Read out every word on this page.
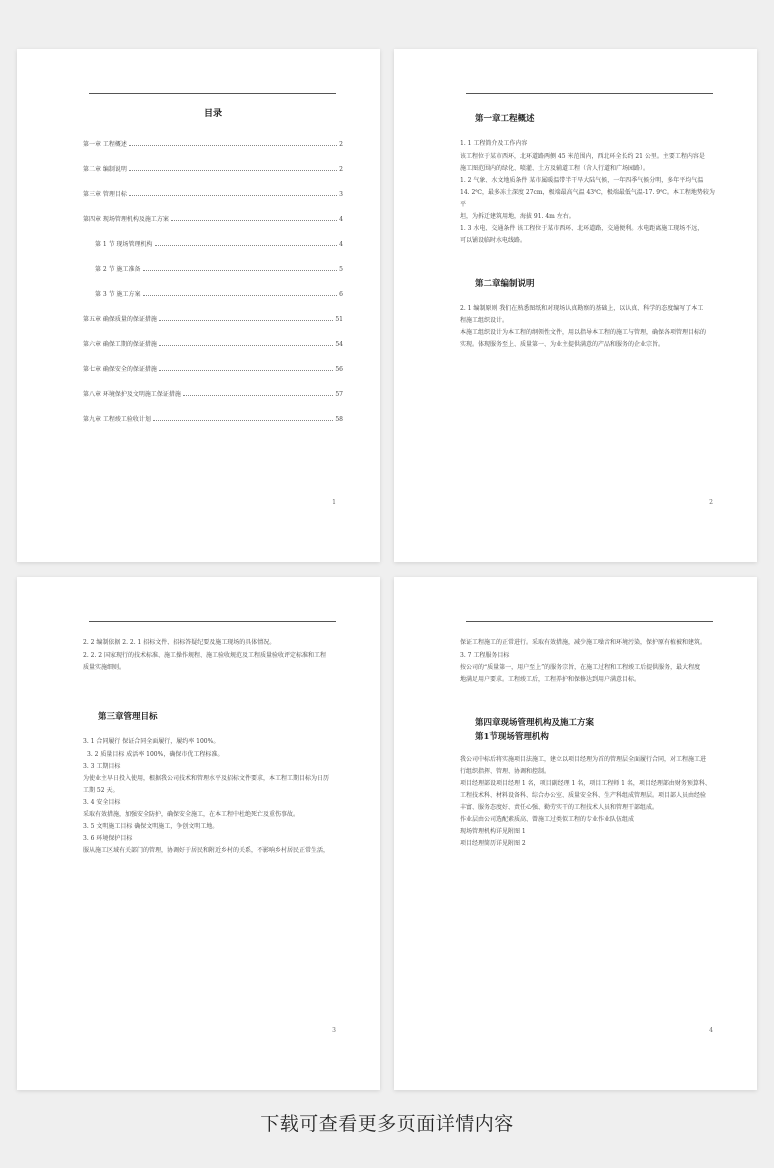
目录
第一章 工程概述	2
第二章 编制说明	2
第三章 管理目标	3
第四章 现场管理机构及施工方案	4
第 1 节 现场管理机构	4
第 2 节 施工准备	5
第 3 节 施工方案	6
第五章 确保质量的保证措施	51
第六章 确保工期的保证措施	54
第七章 确保安全的保证措施	56
第八章 环境保护及文明施工保证措施	57
第九章 工程竣工验收计划	58
1
第一章工程概述

1. 1 工程简介及工作内容

该工程位于某市西环，北环道路两侧 45 米范围内，西北环全长约 21 公里。主要工程内容是

施工图范围内的绿化、喷灌、土方及辅道工程（含人行道和广场园路）。

1. 2 气象、水文地质条件 某市属暖温带半干旱大陆气候，一年四季气候分明，多年平均气温

14. 2℃，最多冻土深度 27cm，极端最高气温 43℃，极端最低气温-17. 9℃。本工程地势较为平

坦，为拆迁建筑用地，海拔 91. 4m 左右。

1. 3 水电、交通条件 该工程位于某市西环、北环道路，交通便利。水电距离施工现场不远，

可以铺设临时水电线路。

第二章编制说明

2. 1 编制原则 我们在熟悉图纸和对现场认真勘察的基础上，以认真、科学的态度编写了本工

程施工组织设计。

本施工组织设计为本工程的纲领性文件，用以指导本工程的施工与管理，确保各项管理目标的

实现。体现服务至上、质量第一、为业主提供满意的产品和服务的企业宗旨。

2

2. 2 编制依据 2. 2. 1 招标文件、招标答疑纪要及施工现场的具体情况。

2. 2. 2 国家现行的技术标准、施工操作规程、施工验收规范及工程质量验收评定标准和工程

质量实施细则。

第三章管理目标

3. 1 合同履行 保证合同全面履行，履约率 100%。

3. 2 质量目标 成活率 100%，确保市优工程标准。

3. 3 工期目标

为使业主早日投入使用，根据我公司技术和管理水平及招标文件要求，本工程工期目标为日历

工期 52 天。

3. 4 安全目标

采取有效措施，加强安全防护，确保安全施工，在本工程中杜绝死亡及重伤事故。

3. 5 文明施工目标 确保文明施工，争创文明工地。

3. 6 环境保护目标

服从施工区域有关部门的管理，协调好于居民和附近乡村的关系，不影响乡村居民正常生活，

3

保证工程施工的正常进行。采取有效措施，减少施工噪音和环境污染，保护原有植被和建筑。

3. 7 工程服务目标

按公司的“质量第一，用户至上”的服务宗旨，在施工过程和工程竣工后提供服务，最大程度

地满足用户要求。工程竣工后，工程养护和保修达到用户满意目标。

第四章现场管理机构及施工方案
第1节现场管理机构

我公司中标后将实施项目法施工，建立以项目经理为首的管理层全面履行合同，对工程施工进

行组织指挥、管理、协调和控制。

项目经理部设项目经理 1 名，项目副经理 1 名，项目工程师 1 名，项目经理部由财务预算科、

工程技术科、材料设备科、综合办公室、质量安全科、生产科组成管理层。项目部人员由经验

丰富、服务态度好、责任心强、勤劳实干的工程技术人员和管理干部组成。

作业层由公司选配素质高、曾施工过类似工程的专业作业队伍组成

现场管理机构详见附图 1

项目经理简历详见附图 2

4
下载可查看更多页面详情内容
